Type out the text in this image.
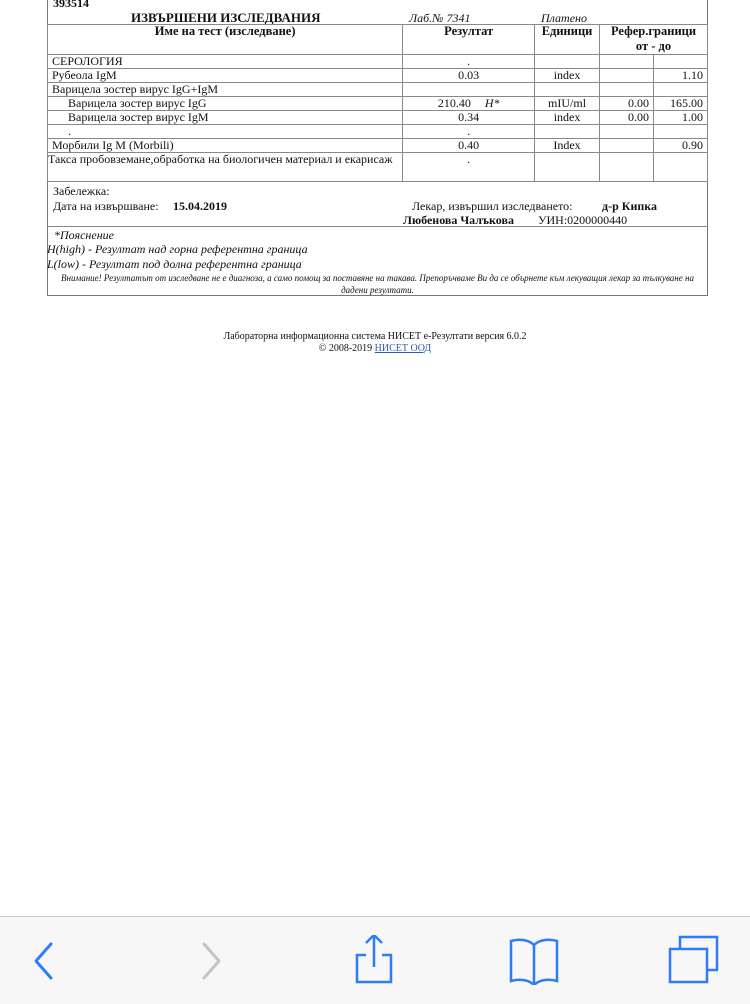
393514
ИЗВЪРШЕНИ ИЗСЛЕДВАНИЯ	Лаб.№ 7341	Платено
Име на тест (изследване)	Резултат	Единици	Рефер.граници
от - до	

СЕРОЛОГИЯ	.			
Рубеола IgM	0.03	index		1.10
Варицела зостер вирус IgG+IgM				
Варицела зостер вирус IgG	210.40 H*	mIU/ml	0.00	165.00
Варицела зостер вирус IgM	0.34	index	0.00	1.00
.	.			
Морбили Ig M (Morbili)	0.40	Index		0.90
Такса пробовземане,обработка на биологичен материал и екарисаж	.			
Забележка:
Дата на извършване: 15.04.2019	Лекар, извършил изследването: д-р Кипка
Любенова Чалъкова УИН:0200000440
*Пояснение
H(high) - Резултат над горна референтна граница
L(low) - Резултат под долна референтна граница
Внимание! Резултатът от изследване не е диагноза, а само помощ за поставяне на такава. Препоръчваме Ви да се обърнете към лекуващия лекар за тълкуване на дадени резултати.
Лабораторна информационна система НИСЕТ е-Резултати версия 6.0.2
© 2008-2019 НИСЕТ ООД
